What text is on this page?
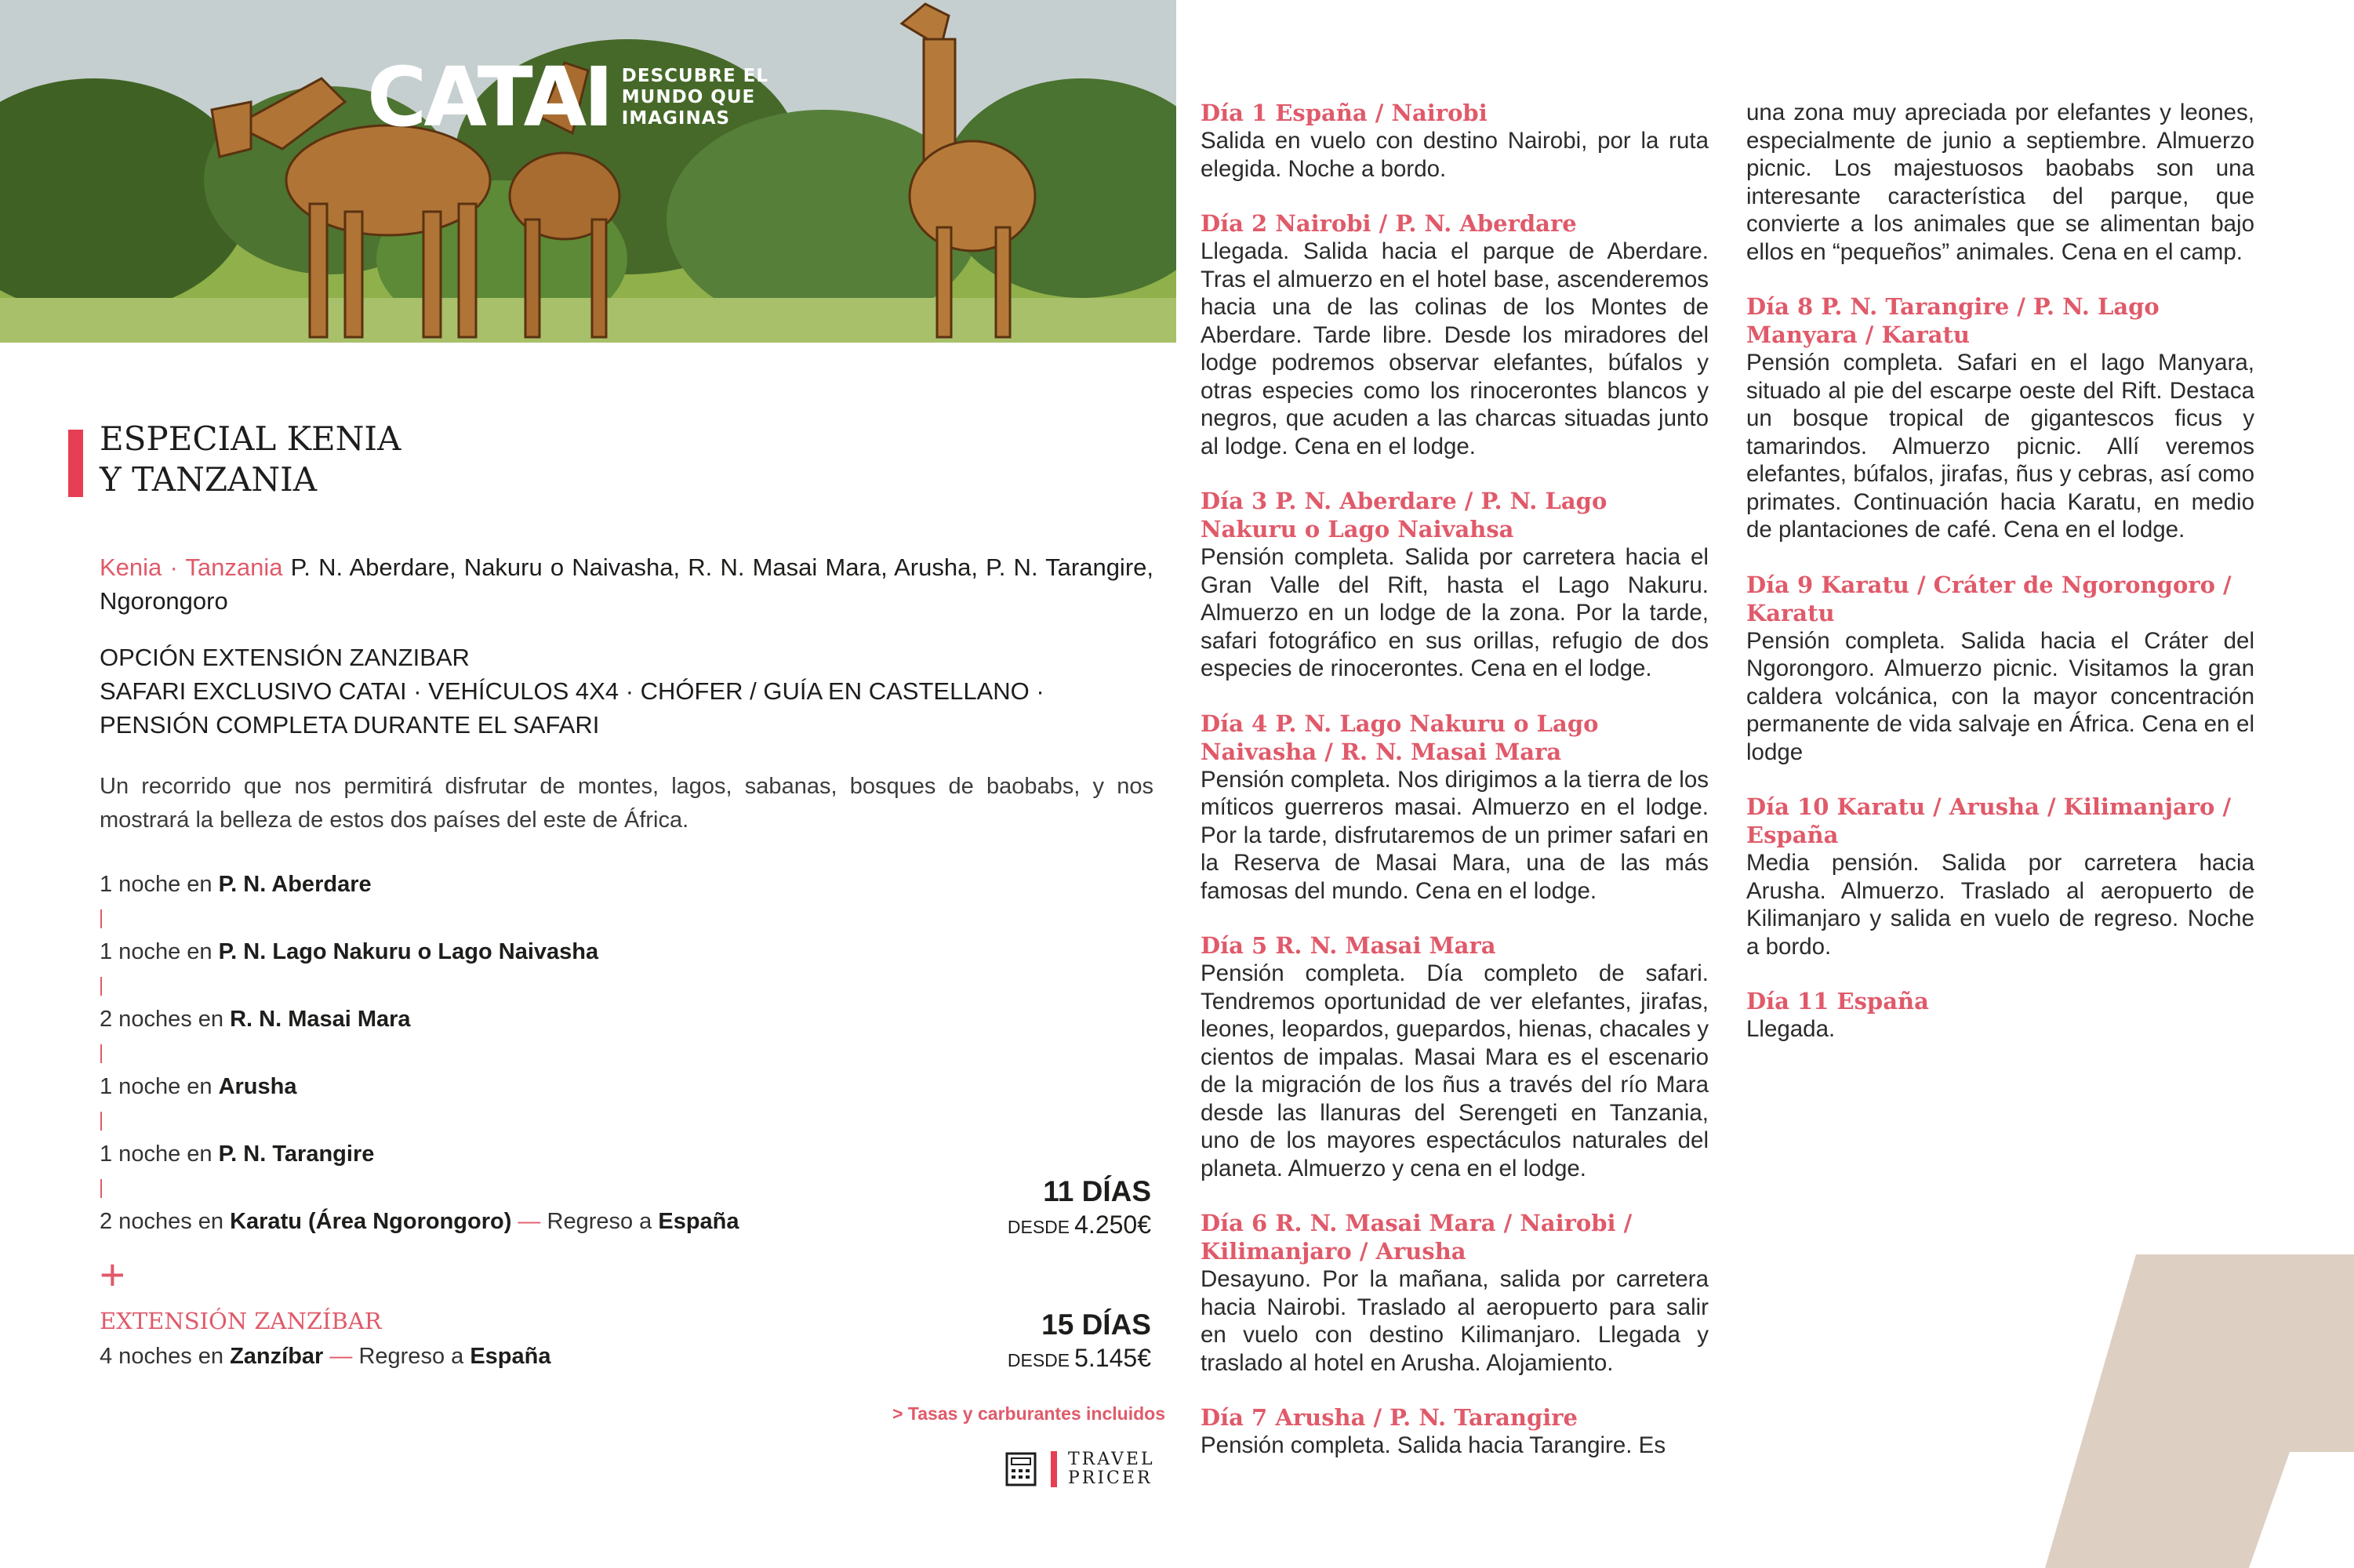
CATAI DESCUBRE EL
MUNDO QUE
IMAGINAS
ESPECIAL KENIA
Y TANZANIA
Kenia · Tanzania P. N. Aberdare, Nakuru o Naivasha, R. N. Masai Mara, Arusha, P. N. Tarangire, Ngorongoro
OPCIÓN EXTENSIÓN ZANZIBAR
SAFARI EXCLUSIVO CATAI · VEHÍCULOS 4X4 · CHÓFER / GUÍA EN CASTELLANO ·
PENSIÓN COMPLETA DURANTE EL SAFARI
Un recorrido que nos permitirá disfrutar de montes, lagos, sabanas, bosques de baobabs, y nos mostrará la belleza de estos dos países del este de África.
1 noche en P. N. Aberdare
1 noche en P. N. Lago Nakuru o Lago Naivasha
2 noches en R. N. Masai Mara
1 noche en Arusha
1 noche en P. N. Tarangire
2 noches en Karatu (Área Ngorongoro) — Regreso a España
+
EXTENSIÓN ZANZÍBAR
4 noches en Zanzíbar — Regreso a España
11 DÍAS
DESDE 4.250€
15 DÍAS
DESDE 5.145€
> Tasas y carburantes incluidos
TRAVEL
PRICER
Día 1 España / Nairobi

Salida en vuelo con destino Nairobi, por la ruta elegida. Noche a bordo.

Día 2 Nairobi / P. N. Aberdare

Llegada. Salida hacia el parque de Aberdare. Tras el almuerzo en el hotel base, ascenderemos hacia una de las colinas de los Montes de Aberdare. Tarde libre. Desde los miradores del lodge podremos observar elefantes, búfalos y otras especies como los rinocerontes blancos y negros, que acuden a las charcas situadas junto al lodge. Cena en el lodge.

Día 3 P. N. Aberdare / P. N. Lago Nakuru o Lago Naivahsa

Pensión completa. Salida por carretera hacia el Gran Valle del Rift, hasta el Lago Nakuru. Almuerzo en un lodge de la zona. Por la tarde, safari fotográfico en sus orillas, refugio de dos especies de rinocerontes. Cena en el lodge.

Día 4 P. N. Lago Nakuru o Lago Naivasha / R. N. Masai Mara

Pensión completa. Nos dirigimos a la tierra de los míticos guerreros masai. Almuerzo en el lodge. Por la tarde, disfrutaremos de un primer safari en la Reserva de Masai Mara, una de las más famosas del mundo. Cena en el lodge.

Día 5 R. N. Masai Mara

Pensión completa. Día completo de safari. Tendremos oportunidad de ver elefantes, jirafas, leones, leopardos, guepardos, hienas, chacales y cientos de impalas. Masai Mara es el escenario de la migración de los ñus a través del río Mara desde las llanuras del Serengeti en Tanzania, uno de los mayores espectáculos naturales del planeta. Almuerzo y cena en el lodge.

Día 6 R. N. Masai Mara / Nairobi / Kilimanjaro / Arusha

Desayuno. Por la mañana, salida por carretera hacia Nairobi. Traslado al aeropuerto para salir en vuelo con destino Kilimanjaro. Llegada y traslado al hotel en Arusha. Alojamiento.

Día 7 Arusha / P. N. Tarangire

Pensión completa. Salida hacia Tarangire. Es

una zona muy apreciada por elefantes y leones, especialmente de junio a septiembre. Almuerzo picnic. Los majestuosos baobabs son una interesante característica del parque, que convierte a los animales que se alimentan bajo ellos en “pequeños” animales. Cena en el camp.

Día 8 P. N. Tarangire / P. N. Lago Manyara / Karatu

Pensión completa. Safari en el lago Manyara, situado al pie del escarpe oeste del Rift. Destaca un bosque tropical de gigantescos ficus y tamarindos. Almuerzo picnic. Allí veremos elefantes, búfalos, jirafas, ñus y cebras, así como primates. Continuación hacia Karatu, en medio de plantaciones de café. Cena en el lodge.

Día 9 Karatu / Cráter de Ngorongoro / Karatu

Pensión completa. Salida hacia el Cráter del Ngorongoro. Almuerzo picnic. Visitamos la gran caldera volcánica, con la mayor concentración permanente de vida salvaje en África. Cena en el lodge

Día 10 Karatu / Arusha / Kilimanjaro / España

Media pensión. Salida por carretera hacia Arusha. Almuerzo. Traslado al aeropuerto de Kilimanjaro y salida en vuelo de regreso. Noche a bordo.

Día 11 España

Llegada.
